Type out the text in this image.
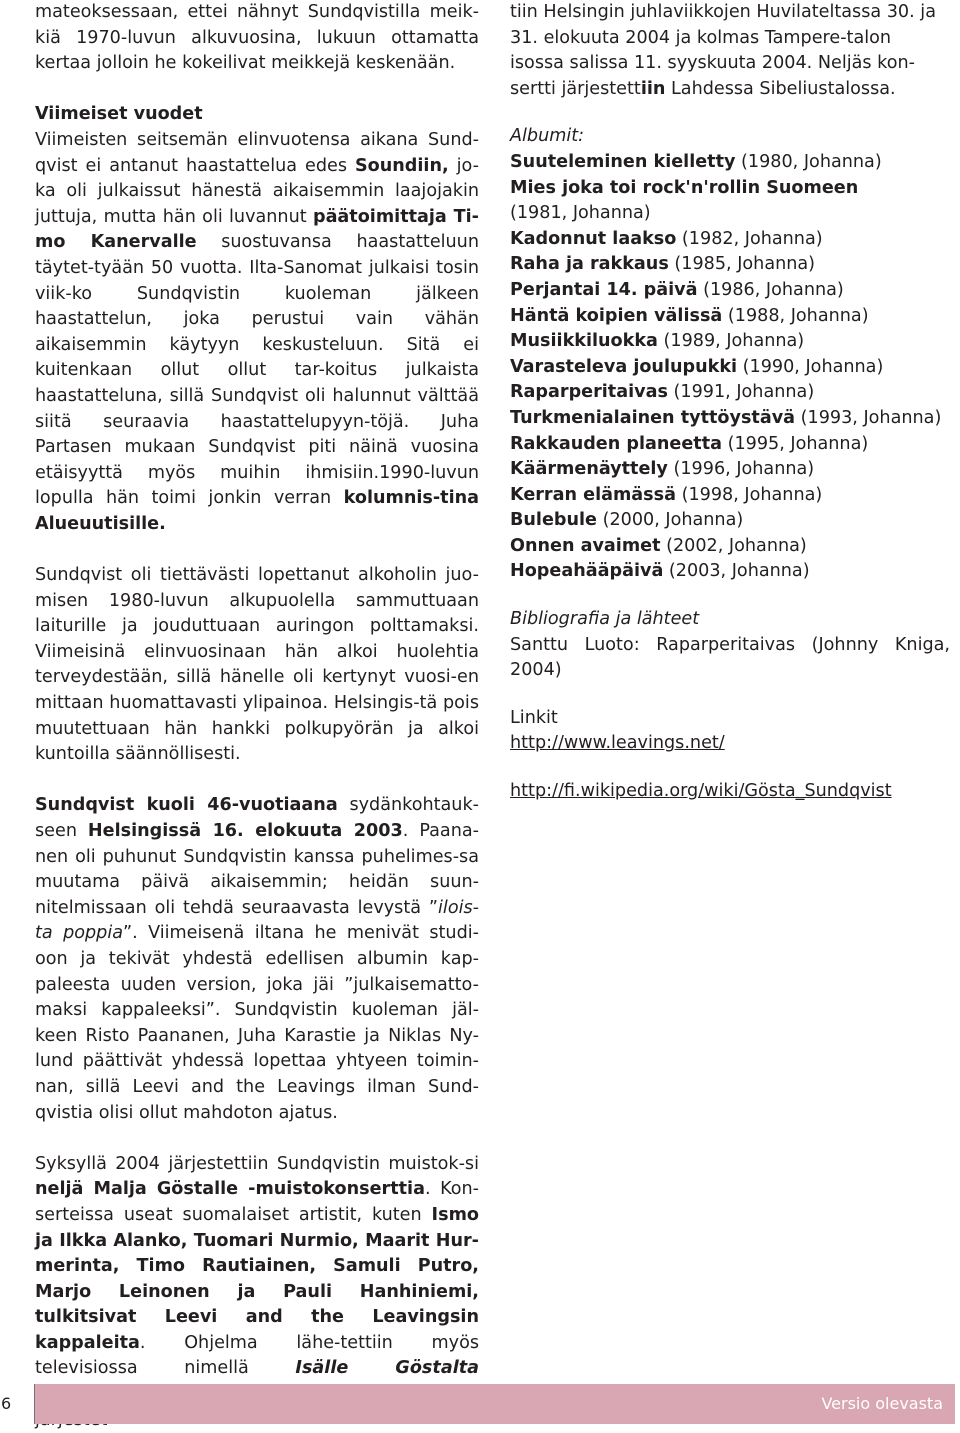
mateoksessaan, ettei nähnyt Sundqvistilla meik-kiä 1970-luvun alkuvuosina, lukuun ottamatta kertaa jolloin he kokeilivat meikkejä keskenään.

Viimeiset vuodet

Viimeisten seitsemän elinvuotensa aikana Sund-qvist ei antanut haastattelua edes Soundiin, jo-ka oli julkaissut hänestä aikaisemmin laajojakin juttuja, mutta hän oli luvannut päätoimittaja Ti-mo Kanervalle suostuvansa haastatteluun täytet-tyään 50 vuotta. Ilta-Sanomat julkaisi tosin viik-ko Sundqvistin kuoleman jälkeen haastattelun, joka perustui vain vähän aikaisemmin käytyyn keskusteluun. Sitä ei kuitenkaan ollut ollut tar-koitus julkaista haastatteluna, sillä Sundqvist oli halunnut välttää siitä seuraavia haastattelupyyn-töjä. Juha Partasen mukaan Sundqvist piti näinä vuosina etäisyyttä myös muihin ihmisiin.1990-luvun lopulla hän toimi jonkin verran kolumnis-tina Alueuutisille.

Sundqvist oli tiettävästi lopettanut alkoholin juo-misen 1980-luvun alkupuolella sammuttuaan laiturille ja jouduttuaan auringon polttamaksi. Viimeisinä elinvuosinaan hän alkoi huolehtia terveydestään, sillä hänelle oli kertynyt vuosi-en mittaan huomattavasti ylipainoa. Helsingis-tä pois muutettuaan hän hankki polkupyörän ja alkoi kuntoilla säännöllisesti.

Sundqvist kuoli 46-vuotiaana sydänkohtauk-seen Helsingissä 16. elokuuta 2003. Paana-nen oli puhunut Sundqvistin kanssa puhelimes-sa muutama päivä aikaisemmin; heidän suun-nitelmissaan oli tehdä seuraavasta levystä ”ilois-ta poppia”. Viimeisenä iltana he menivät studi-oon ja tekivät yhdestä edellisen albumin kap-paleesta uuden version, joka jäi ”julkaisematto-maksi kappaleeksi”. Sundqvistin kuoleman jäl-keen Risto Paananen, Juha Karastie ja Niklas Ny-lund päättivät yhdessä lopettaa yhtyeen toimin-nan, sillä Leevi and the Leavings ilman Sund-qvistia olisi ollut mahdoton ajatus.

Syksyllä 2004 järjestettiin Sundqvistin muistok-si neljä Malja Göstalle -muistokonserttia. Kon-serteissa useat suomalaiset artistit, kuten Ismo ja Ilkka Alanko, Tuomari Nurmio, Maarit Hur-merinta, Timo Rautiainen, Samuli Putro, Marjo Leinonen ja Pauli Hanhiniemi, tulkitsivat Leevi and the Leavingsin kappaleita. Ohjelma lähe-tettiin myös televisiossa nimellä Isälle Göstalta

tiin Helsingin juhlaviikkojen Huvilateltassa 30. ja 31. elokuuta 2004 ja kolmas Tampere-talon isossa salissa 11. syyskuuta 2004. Neljäs kon-sertti järjestettiin Lahdessa Sibeliustalossa.

Albumit:

Suuteleminen kielletty (1980, Johanna)

Mies joka toi rock'n'rollin Suomeen
(1981, Johanna)

Kadonnut laakso (1982, Johanna)

Raha ja rakkaus (1985, Johanna)

Perjantai 14. päivä (1986, Johanna)

Häntä koipien välissä (1988, Johanna)

Musiikkiluokka (1989, Johanna)

Varasteleva joulupukki (1990, Johanna)

Raparperitaivas (1991, Johanna)

Turkmenialainen tyttöystävä (1993, Johanna)

Rakkauden planeetta (1995, Johanna)

Käärmenäyttely (1996, Johanna)

Kerran elämässä (1998, Johanna)

Bulebule (2000, Johanna)

Onnen avaimet (2002, Johanna)

Hopeahääpäivä (2003, Johanna)

Bibliografia ja lähteet

Santtu Luoto: Raparperitaivas (Johnny Kniga, 2004)

Linkit

http://www.leavings.net/

http://fi.wikipedia.org/wiki/Gösta_Sundqvist

6	Versio olevasta
